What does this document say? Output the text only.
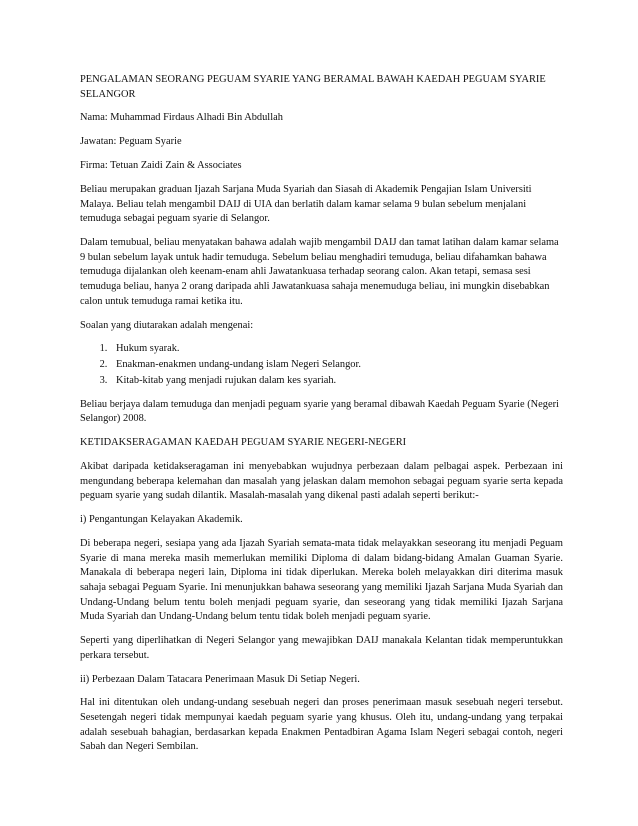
PENGALAMAN SEORANG PEGUAM SYARIE YANG BERAMAL BAWAH KAEDAH PEGUAM SYARIE SELANGOR

Nama: Muhammad Firdaus Alhadi Bin Abdullah

Jawatan: Peguam Syarie

Firma: Tetuan Zaidi Zain & Associates

Beliau merupakan graduan Ijazah Sarjana Muda Syariah dan Siasah di Akademik Pengajian Islam Universiti Malaya. Beliau telah mengambil DAIJ di UIA dan berlatih dalam kamar selama 9 bulan sebelum menjalani temuduga sebagai peguam syarie di Selangor.

Dalam temubual, beliau menyatakan bahawa adalah wajib mengambil DAIJ dan tamat latihan dalam kamar selama 9 bulan sebelum layak untuk hadir temuduga. Sebelum beliau menghadiri temuduga, beliau difahamkan bahawa temuduga dijalankan oleh keenam-enam ahli Jawatankuasa terhadap seorang calon. Akan tetapi, semasa sesi temuduga beliau, hanya 2 orang daripada ahli Jawatankuasa sahaja menemuduga beliau, ini mungkin disebabkan calon untuk temuduga ramai ketika itu.

Soalan yang diutarakan adalah mengenai:

1. Hukum syarak.
2. Enakman-enakmen undang-undang islam Negeri Selangor.
3. Kitab-kitab yang menjadi rujukan dalam kes syariah.

Beliau berjaya dalam temuduga dan menjadi peguam syarie yang beramal dibawah Kaedah Peguam Syarie (Negeri Selangor) 2008.

KETIDAKSERAGAMAN KAEDAH PEGUAM SYARIE NEGERI-NEGERI

Akibat daripada ketidakseragaman ini menyebabkan wujudnya perbezaan dalam pelbagai aspek. Perbezaan ini mengundang beberapa kelemahan dan masalah yang jelaskan dalam memohon sebagai peguam syarie serta kepada peguam syarie yang sudah dilantik. Masalah-masalah yang dikenal pasti adalah seperti berikut:-

i) Pengantungan Kelayakan Akademik.

Di beberapa negeri, sesiapa yang ada Ijazah Syariah semata-mata tidak melayakkan seseorang itu menjadi Peguam Syarie di mana mereka masih memerlukan memiliki Diploma di dalam bidang-bidang Amalan Guaman Syarie. Manakala di beberapa negeri lain, Diploma ini tidak diperlukan. Mereka boleh melayakkan diri diterima masuk sahaja sebagai Peguam Syarie. Ini menunjukkan bahawa seseorang yang memiliki Ijazah Sarjana Muda Syariah dan Undang-Undang belum tentu boleh menjadi peguam syarie, dan seseorang yang tidak memiliki Ijazah Sarjana Muda Syariah dan Undang-Undang belum tentu tidak boleh menjadi peguam syarie.

Seperti yang diperlihatkan di Negeri Selangor yang mewajibkan DAIJ manakala Kelantan tidak memperuntukkan perkara tersebut.

ii) Perbezaan Dalam Tatacara Penerimaan Masuk Di Setiap Negeri.

Hal ini ditentukan oleh undang-undang sesebuah negeri dan proses penerimaan masuk sesebuah negeri tersebut. Sesetengah negeri tidak mempunyai kaedah peguam syarie yang khusus. Oleh itu, undang-undang yang terpakai adalah sesebuah bahagian, berdasarkan kepada Enakmen Pentadbiran Agama Islam Negeri sebagai contoh, negeri Sabah dan Negeri Sembilan.
